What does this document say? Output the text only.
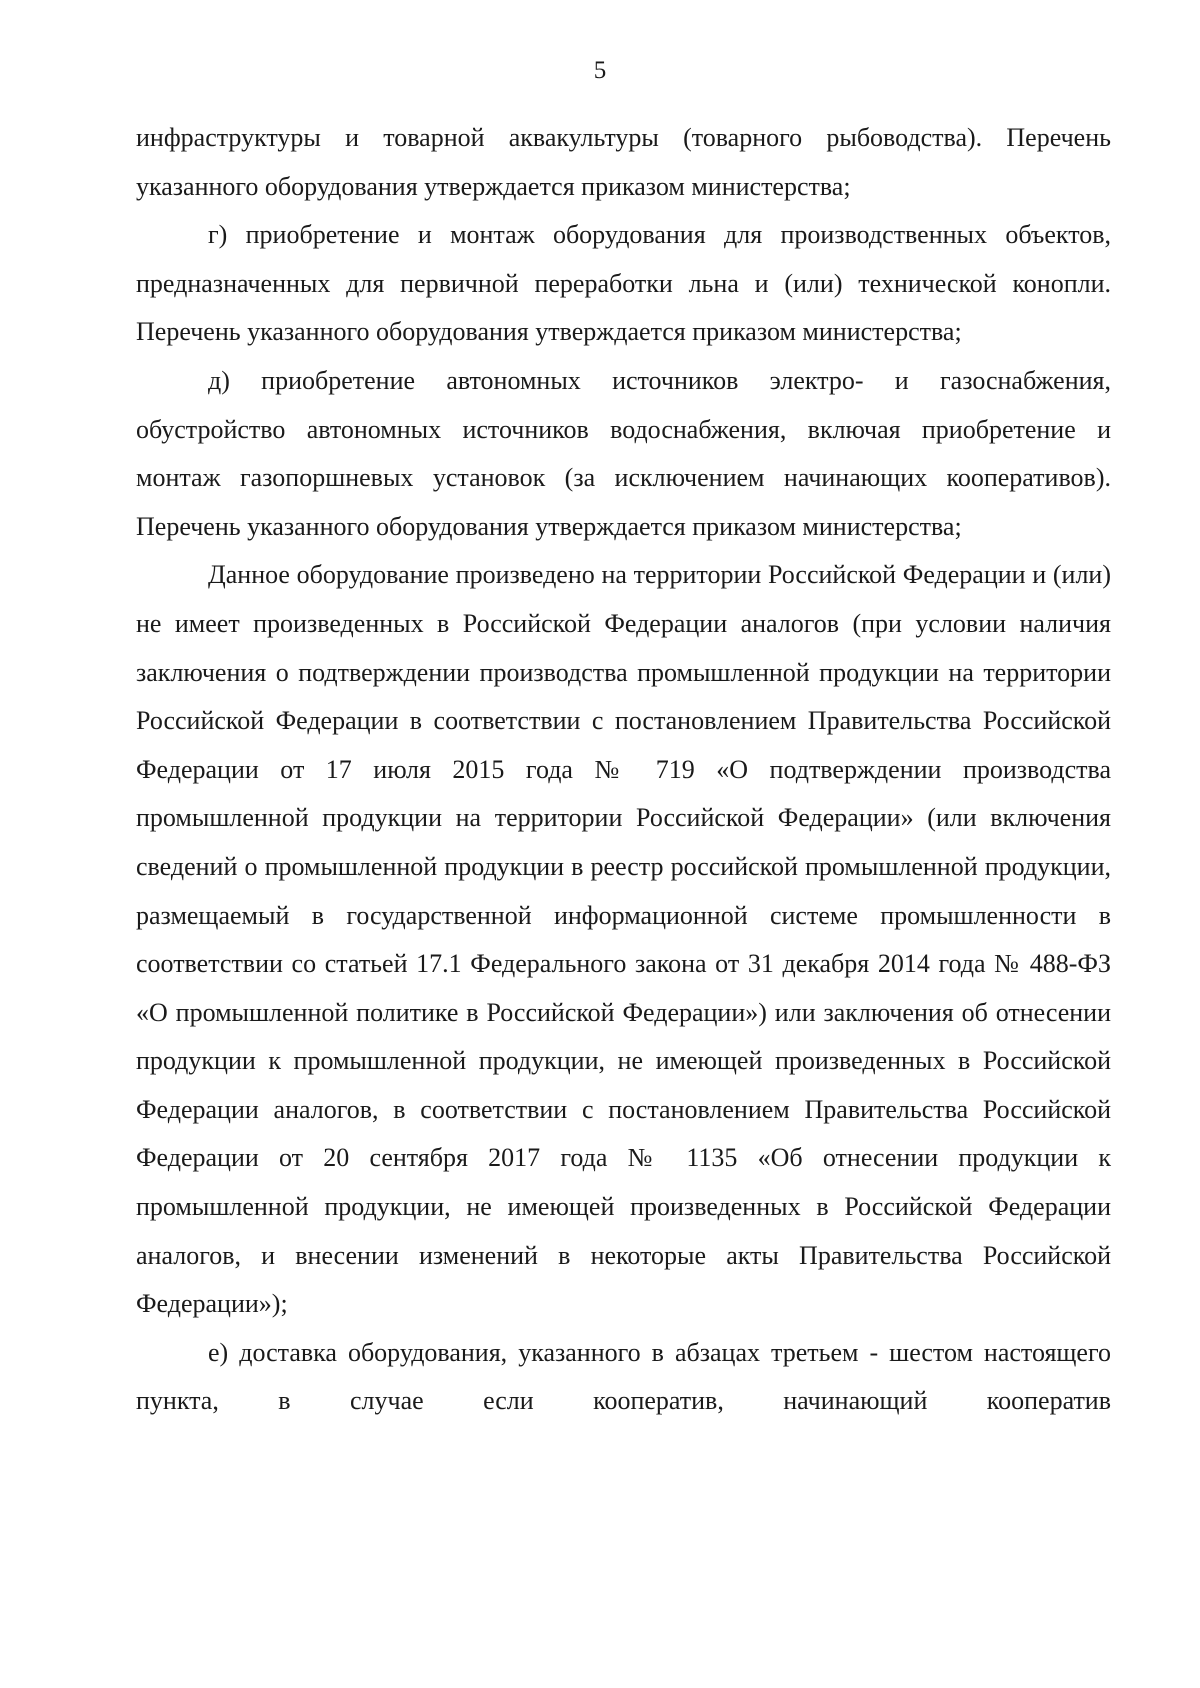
5

инфраструктуры и товарной аквакультуры (товарного рыбоводства). Перечень указанного оборудования утверждается приказом министерства;

г) приобретение и монтаж оборудования для производственных объектов, предназначенных для первичной переработки льна и (или) технической конопли. Перечень указанного оборудования утверждается приказом министерства;

д) приобретение автономных источников электро- и газоснабжения, обустройство автономных источников водоснабжения, включая приобретение и монтаж газопоршневых установок (за исключением начинающих кооперативов). Перечень указанного оборудования утверждается приказом министерства;

Данное оборудование произведено на территории Российской Федерации и (или) не имеет произведенных в Российской Федерации аналогов (при условии наличия заключения о подтверждении производства промышленной продукции на территории Российской Федерации в соответствии с постановлением Правительства Российской Федерации от 17 июля 2015 года № 719 «О подтверждении производства промышленной продукции на территории Российской Федерации» (или включения сведений о промышленной продукции в реестр российской промышленной продукции, размещаемый в государственной информационной системе промышленности в соответствии со статьей 17.1 Федерального закона от 31 декабря 2014 года № 488-ФЗ «О промышленной политике в Российской Федерации») или заключения об отнесении продукции к промышленной продукции, не имеющей произведенных в Российской Федерации аналогов, в соответствии с постановлением Правительства Российской Федерации от 20 сентября 2017 года № 1135 «Об отнесении продукции к промышленной продукции, не имеющей произведенных в Российской Федерации аналогов, и внесении изменений в некоторые акты Правительства Российской Федерации»);

е) доставка оборудования, указанного в абзацах третьем - шестом настоящего пункта, в случае если кооператив, начинающий кооператив
